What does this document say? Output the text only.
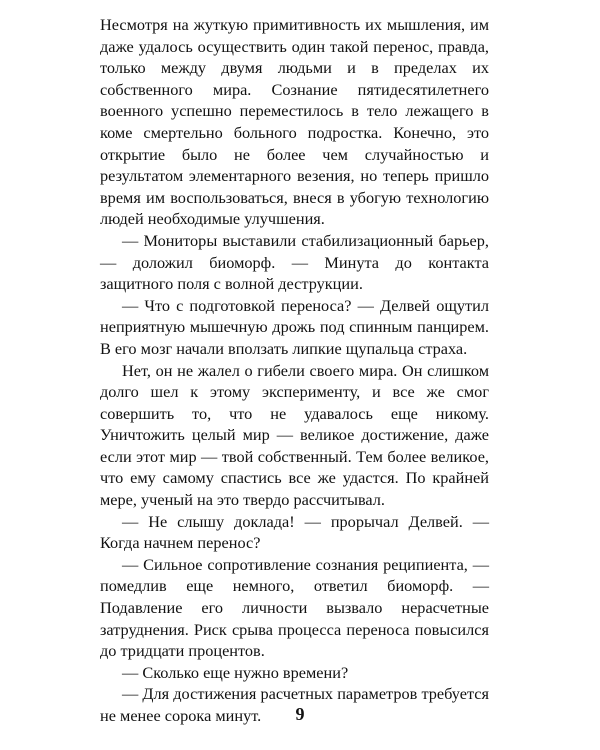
Несмотря на жуткую примитивность их мышления, им даже удалось осуществить один такой перенос, правда, только между двумя людьми и в пределах их собственного мира. Сознание пятидесятилетнего военного успешно переместилось в тело лежащего в коме смертельно больного подростка. Конечно, это открытие было не более чем случайностью и результатом элементарного везения, но теперь пришло время им воспользоваться, внеся в убогую технологию людей необходимые улучшения.

— Мониторы выставили стабилизационный барьер, — доложил биоморф. — Минута до контакта защитного поля с волной деструкции.

— Что с подготовкой переноса? — Делвей ощутил неприятную мышечную дрожь под спинным панцирем. В его мозг начали вползать липкие щупальца страха.

Нет, он не жалел о гибели своего мира. Он слишком долго шел к этому эксперименту, и все же смог совершить то, что не удавалось еще никому. Уничтожить целый мир — великое достижение, даже если этот мир — твой собственный. Тем более великое, что ему самому спастись все же удастся. По крайней мере, ученый на это твердо рассчитывал.

— Не слышу доклада! — прорычал Делвей. — Когда начнем перенос?

— Сильное сопротивление сознания реципиента, — помедлив еще немного, ответил биоморф. — Подавление его личности вызвало нерасчетные затруднения. Риск срыва процесса переноса повысился до тридцати процентов.

— Сколько еще нужно времени?

— Для достижения расчетных параметров требуется не менее сорока минут.	9
